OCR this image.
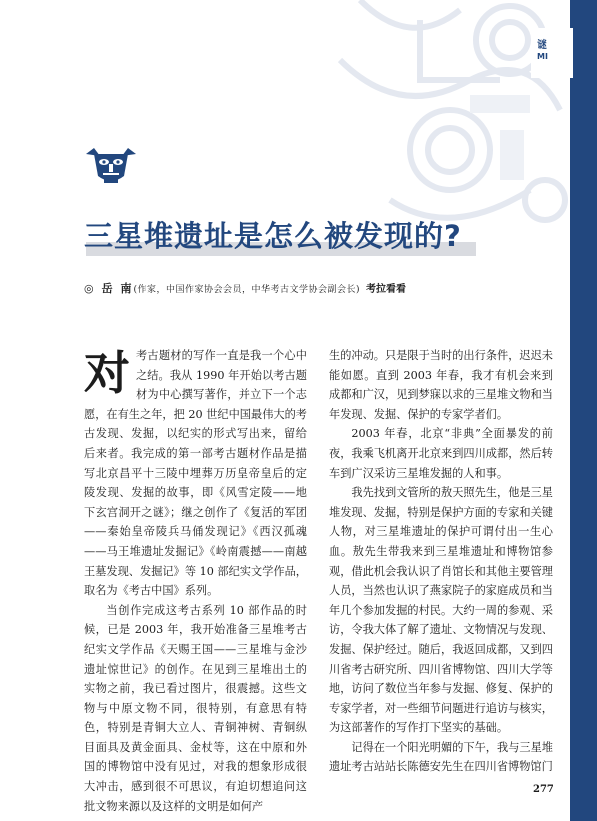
谜
MI
三星堆遗址是怎么被发现的?
◎ 岳 南(作家，中国作家协会会员，中华考古文学协会副会长) 考拉看看
对 考古题材的写作一直是我一个心中之结。我从 1990 年开始以考古题材为中心撰写著作，并立下一个志愿，在有生之年，把 20 世纪中国最伟大的考古发现、发掘，以纪实的形式写出来，留给后来者。我完成的第一部考古题材作品是描写北京昌平十三陵中埋葬万历皇帝皇后的定陵发现、发掘的故事，即《风雪定陵——地下玄宫洞开之谜》；继之创作了《复活的军团——秦始皇帝陵兵马俑发现记》《西汉孤魂——马王堆遗址发掘记》《岭南震撼——南越王墓发现、发掘记》等 10 部纪实文学作品，取名为《考古中国》系列。

当创作完成这考古系列 10 部作品的时候，已是 2003 年，我开始准备三星堆考古纪实文学作品《天赐王国——三星堆与金沙遗址惊世记》的创作。在见到三星堆出土的实物之前，我已看过图片，很震撼。这些文物与中原文物不同，很特别，有意思有特色，特别是青铜大立人、青铜神树、青铜纵目面具及黄金面具、金杖等，这在中原和外国的博物馆中没有见过，对我的想象形成很大冲击，感到很不可思议，有迫切想追问这批文物来源以及这样的文明是如何产

生的冲动。只是限于当时的出行条件，迟迟未能如愿。直到 2003 年春，我才有机会来到成都和广汉，见到梦寐以求的三星堆文物和当年发现、发掘、保护的专家学者们。

2003 年春，北京“非典”全面暴发的前夜，我乘飞机离开北京来到四川成都，然后转车到广汉采访三星堆发掘的人和事。

我先找到文管所的敖天照先生，他是三星堆发现、发掘，特别是保护方面的专家和关键人物，对三星堆遗址的保护可谓付出一生心血。敖先生带我来到三星堆遗址和博物馆参观，借此机会我认识了肖馆长和其他主要管理人员，当然也认识了燕家院子的家庭成员和当年几个参加发掘的村民。大约一周的参观、采访，令我大体了解了遗址、文物情况与发现、发掘、保护经过。随后，我返回成都，又到四川省考古研究所、四川省博物馆、四川大学等地，访问了数位当年参与发掘、修复、保护的专家学者，对一些细节问题进行追访与核实，为这部著作的写作打下坚实的基础。

记得在一个阳光明媚的下午，我与三星堆遗址考古站站长陈德安先生在四川省博物馆门

277
